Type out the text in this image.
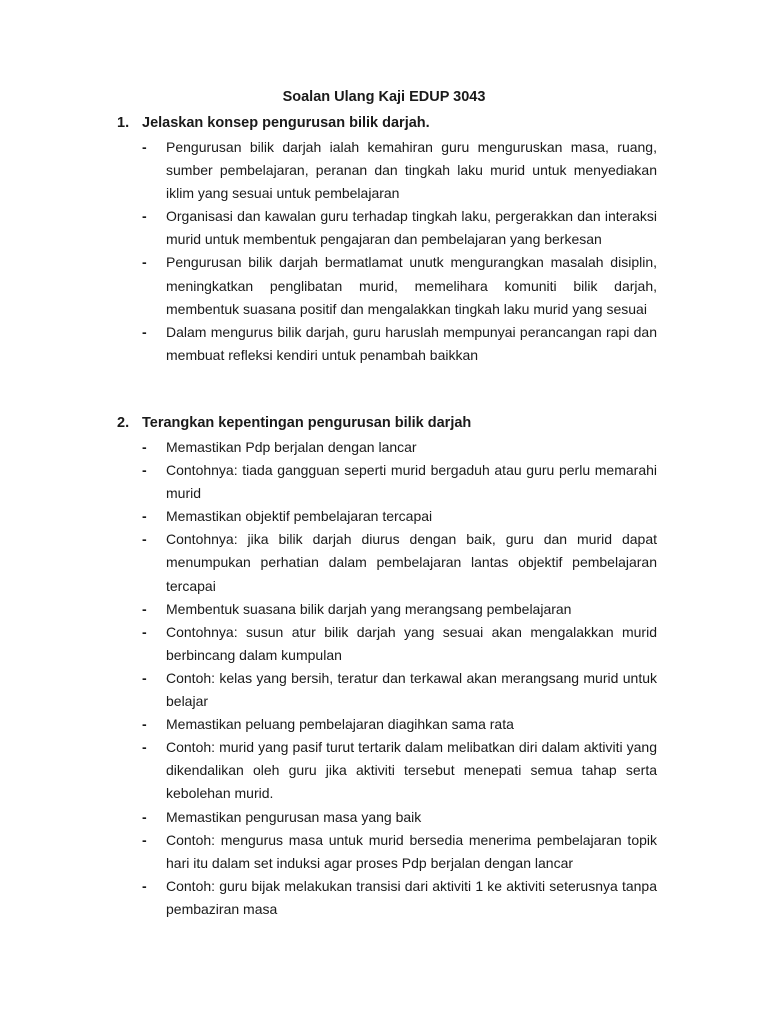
Soalan Ulang Kaji EDUP 3043
1. Jelaskan konsep pengurusan bilik darjah.
-	Pengurusan bilik darjah ialah kemahiran guru menguruskan masa, ruang, sumber pembelajaran, peranan dan tingkah laku murid untuk menyediakan iklim yang sesuai untuk pembelajaran
-	Organisasi dan kawalan guru terhadap tingkah laku, pergerakkan dan interaksi murid untuk membentuk pengajaran dan pembelajaran yang berkesan
-	Pengurusan bilik darjah bermatlamat unutk mengurangkan masalah disiplin, meningkatkan penglibatan murid, memelihara komuniti bilik darjah, membentuk suasana positif dan mengalakkan tingkah laku murid yang sesuai
-	Dalam mengurus bilik darjah, guru haruslah mempunyai perancangan rapi dan membuat refleksi kendiri untuk penambah baikkan
2. Terangkan kepentingan pengurusan bilik darjah
-	Memastikan Pdp berjalan dengan lancar
-	Contohnya: tiada gangguan seperti murid bergaduh atau guru perlu memarahi murid
-	Memastikan objektif pembelajaran tercapai
-	Contohnya: jika bilik darjah diurus dengan baik, guru dan murid dapat menumpukan perhatian dalam pembelajaran lantas objektif pembelajaran tercapai
-	Membentuk suasana bilik darjah yang merangsang pembelajaran
-	Contohnya: susun atur bilik darjah yang sesuai akan mengalakkan murid berbincang dalam kumpulan
-	Contoh: kelas yang bersih, teratur dan terkawal akan merangsang murid untuk belajar
-	Memastikan peluang pembelajaran diagihkan sama rata
-	Contoh: murid yang pasif turut tertarik dalam melibatkan diri dalam aktiviti yang dikendalikan oleh guru jika aktiviti tersebut menepati semua tahap serta kebolehan murid.
-	Memastikan pengurusan masa yang baik
-	Contoh: mengurus masa untuk murid bersedia menerima pembelajaran topik hari itu dalam set induksi agar proses Pdp berjalan dengan lancar
-	Contoh: guru bijak melakukan transisi dari aktiviti 1 ke aktiviti seterusnya tanpa pembaziran masa
